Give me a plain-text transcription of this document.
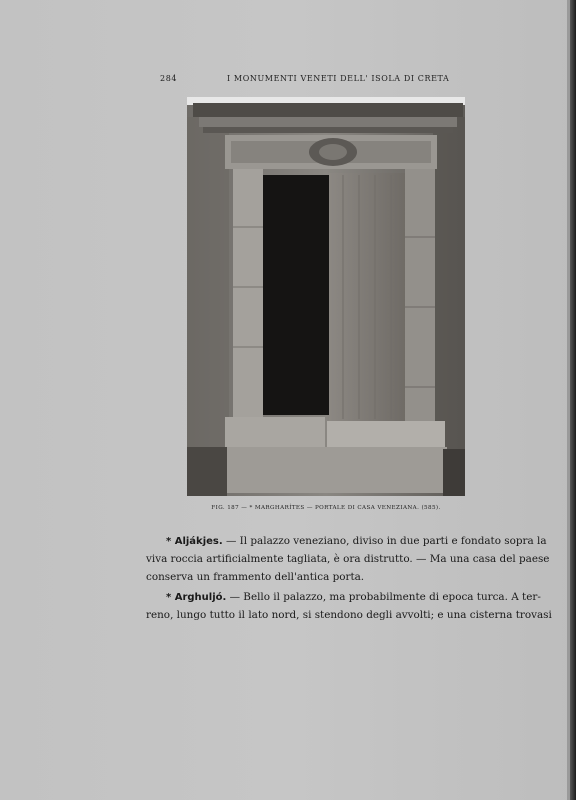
284	I MONUMENTI VENETI DELL' ISOLA DI CRETA
FIG. 187 — * MARGHARÍTES — PORTALE DI CASA VENEZIANA. (585).
* Aljákjes. — Il palazzo veneziano, diviso in due parti e fondato sopra la
viva roccia artificialmente tagliata, è ora distrutto. — Ma una casa del paese
conserva un frammento dell'antica porta.
* Arghuljó. — Bello il palazzo, ma probabilmente di epoca turca. A ter-
reno, lungo tutto il lato nord, si stendono degli avvolti; e una cisterna trovasi
